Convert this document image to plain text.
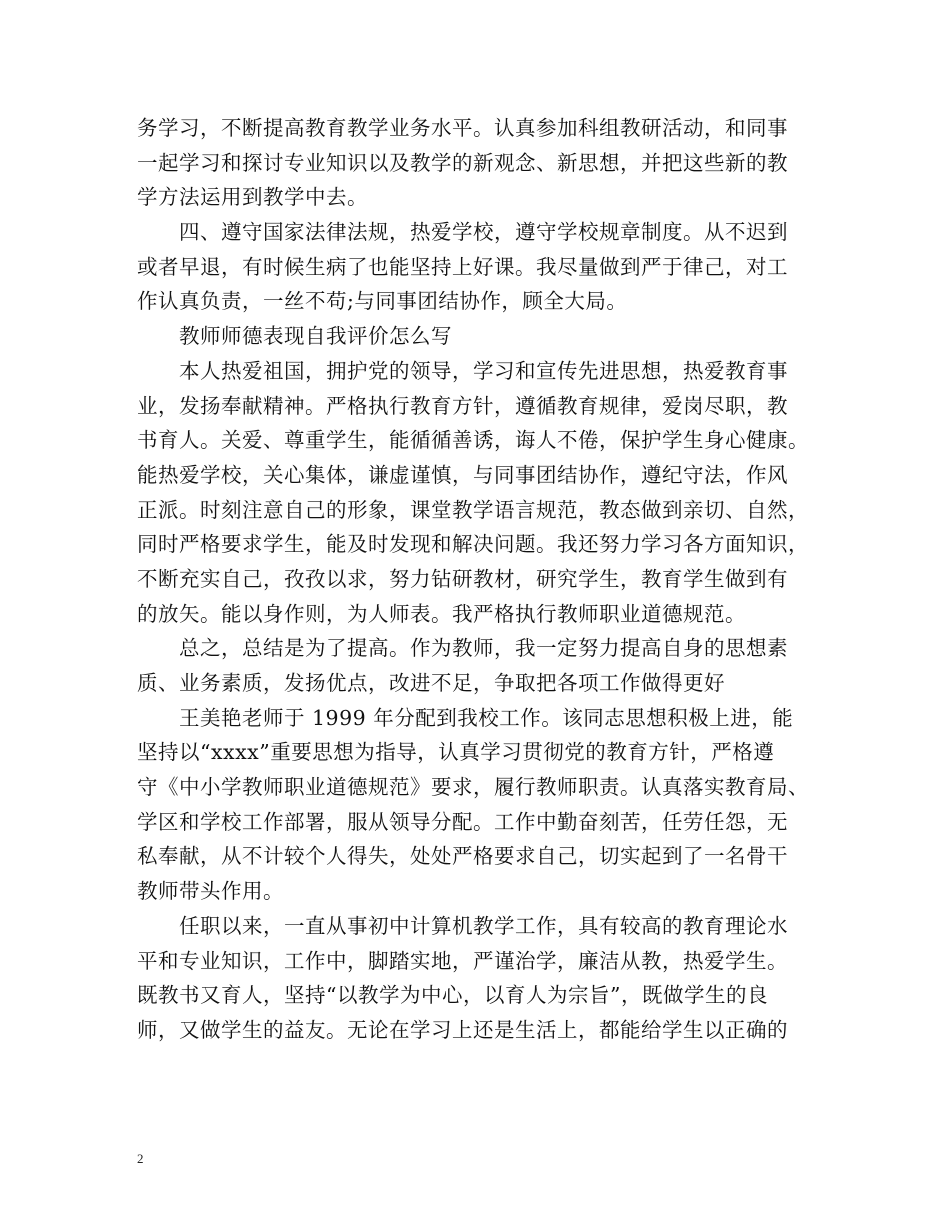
务学习，不断提高教育教学业务水平。认真参加科组教研活动，和同事
一起学习和探讨专业知识以及教学的新观念、新思想，并把这些新的教
学方法运用到教学中去。
　　四、遵守国家法律法规，热爱学校，遵守学校规章制度。从不迟到
或者早退，有时候生病了也能坚持上好课。我尽量做到严于律己，对工
作认真负责，一丝不苟;与同事团结协作，顾全大局。
　　教师师德表现自我评价怎么写
　　本人热爱祖国，拥护党的领导，学习和宣传先进思想，热爱教育事
业，发扬奉献精神。严格执行教育方针，遵循教育规律，爱岗尽职，教
书育人。关爱、尊重学生，能循循善诱，诲人不倦，保护学生身心健康。
能热爱学校，关心集体，谦虚谨慎，与同事团结协作，遵纪守法，作风
正派。时刻注意自己的形象，课堂教学语言规范，教态做到亲切、自然，
同时严格要求学生，能及时发现和解决问题。我还努力学习各方面知识，
不断充实自己，孜孜以求，努力钻研教材，研究学生，教育学生做到有
的放矢。能以身作则，为人师表。我严格执行教师职业道德规范。
　　总之，总结是为了提高。作为教师，我一定努力提高自身的思想素
质、业务素质，发扬优点，改进不足，争取把各项工作做得更好
　　王美艳老师于 1999 年分配到我校工作。该同志思想积极上进，能
坚持以“xxxx”重要思想为指导，认真学习贯彻党的教育方针，严格遵
守《中小学教师职业道德规范》要求，履行教师职责。认真落实教育局、
学区和学校工作部署，服从领导分配。工作中勤奋刻苦，任劳任怨，无
私奉献，从不计较个人得失，处处严格要求自己，切实起到了一名骨干
教师带头作用。
　　任职以来，一直从事初中计算机教学工作，具有较高的教育理论水
平和专业知识，工作中，脚踏实地，严谨治学，廉洁从教，热爱学生。
既教书又育人，坚持“以教学为中心，以育人为宗旨”，既做学生的良
师，又做学生的益友。无论在学习上还是生活上，都能给学生以正确的
2
